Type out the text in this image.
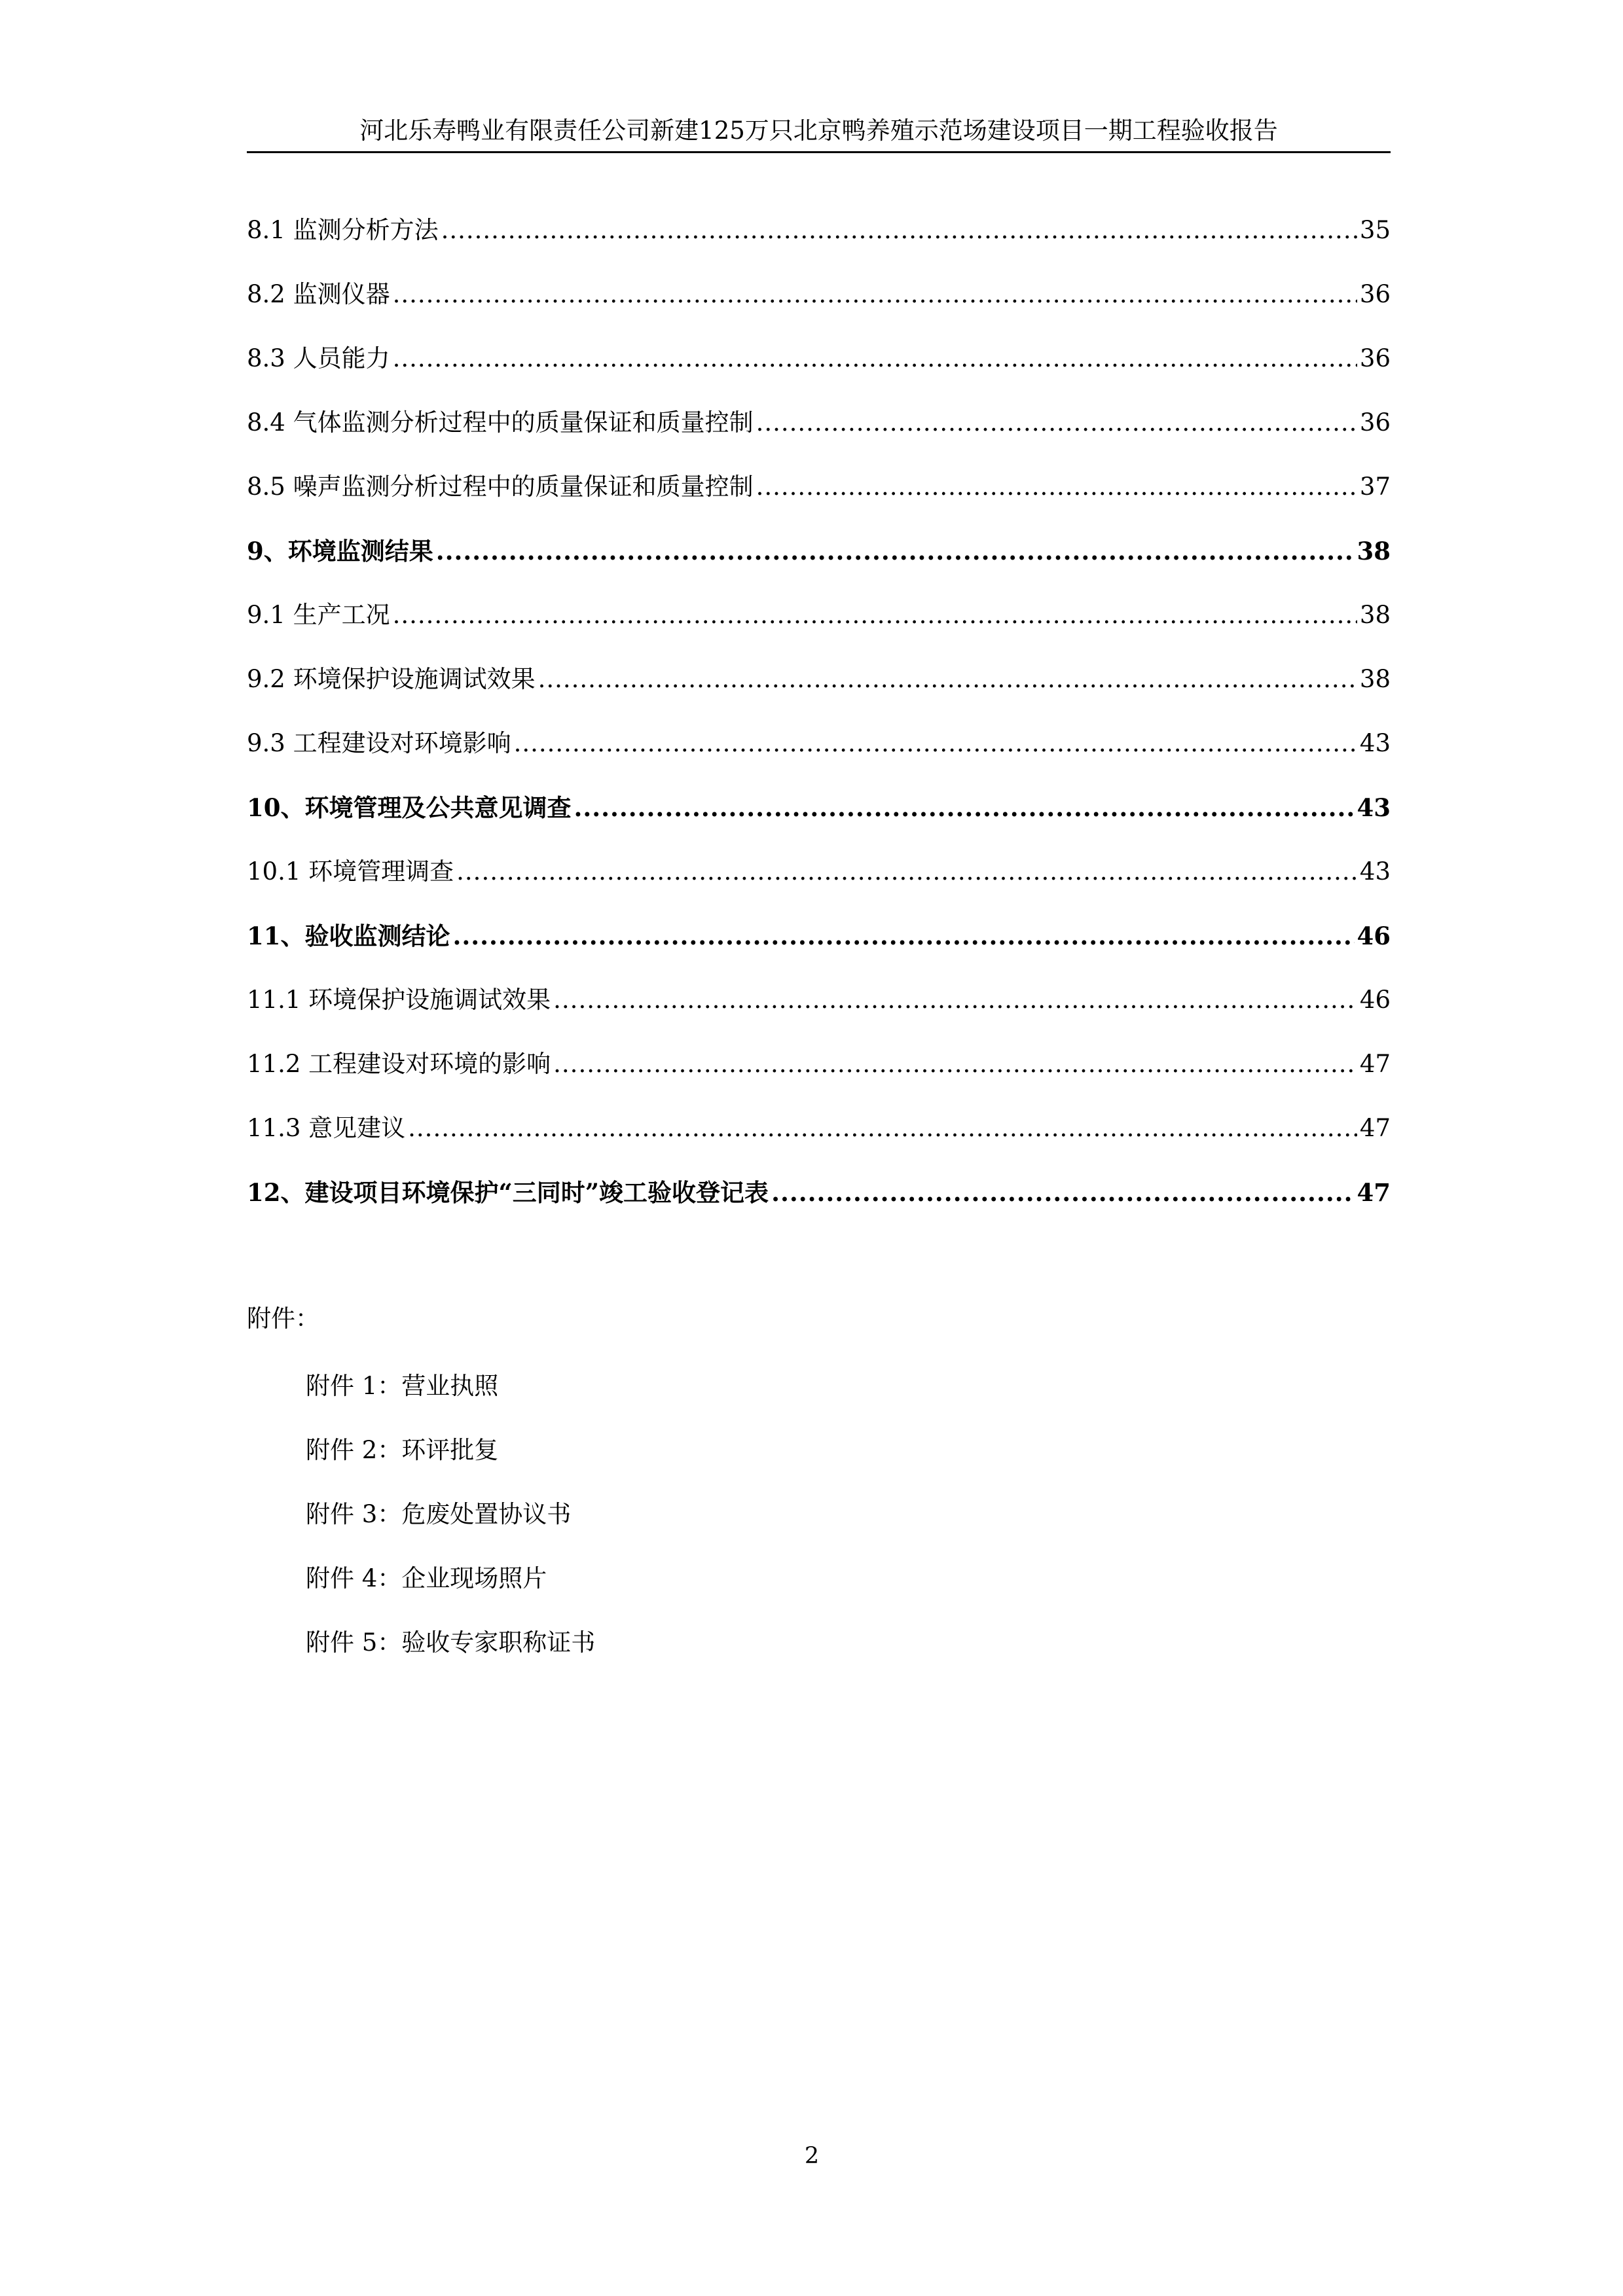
河北乐寿鸭业有限责任公司新建125万只北京鸭养殖示范场建设项目一期工程验收报告
8.1 监测分析方法 .....	35
8.2 监测仪器 .....	36
8.3 人员能力 .....	36
8.4 气体监测分析过程中的质量保证和质量控制 .....	36
8.5 噪声监测分析过程中的质量保证和质量控制 .....	37
9、环境监测结果 .....	38
9.1 生产工况 .....	38
9.2 环境保护设施调试效果 .....	38
9.3 工程建设对环境影响 .....	43
10、环境管理及公共意见调查 .....	43
10.1 环境管理调查 .....	43
11、验收监测结论 .....	46
11.1 环境保护设施调试效果 .....	46
11.2 工程建设对环境的影响 .....	47
11.3 意见建议 .....	47
12、建设项目环境保护“三同时”竣工验收登记表 .....	47
附件：
附件 1：营业执照
附件 2：环评批复
附件 3：危废处置协议书
附件 4：企业现场照片
附件 5：验收专家职称证书
2
